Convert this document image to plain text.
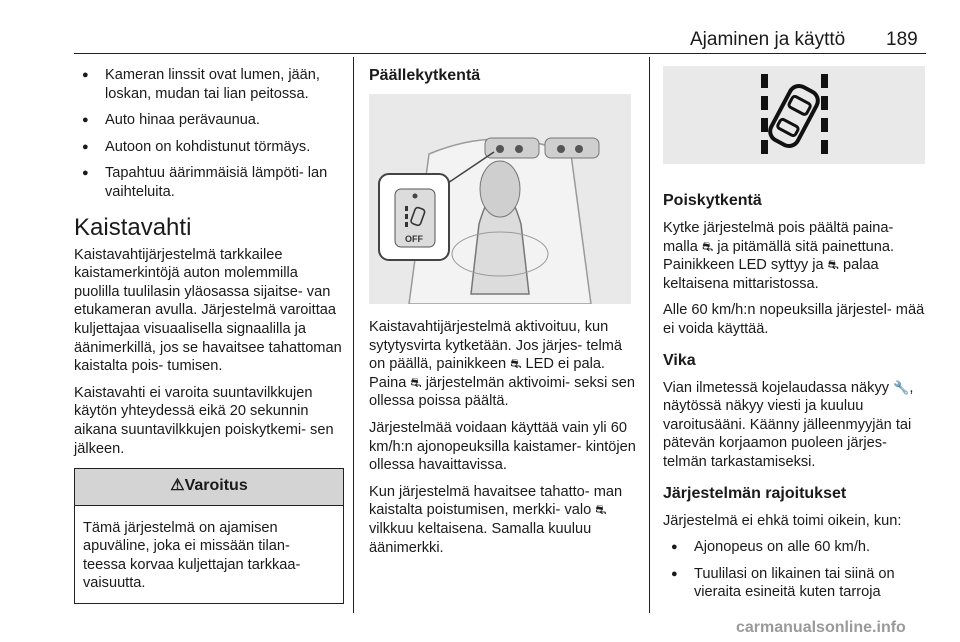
Ajaminen ja käyttö 189
● Kameran linssit ovat lumen, jään, loskan, mudan tai lian peitossa.
● Auto hinaa perävaunua.
● Autoon on kohdistunut törmäys.
● Tapahtuu äärimmäisiä lämpöti‐ lan vaihteluita.
Kaistavahti

Kaistavahtijärjestelmä tarkkailee kaistamerkintöjä auton molemmilla puolilla tuulilasin yläosassa sijaitse‐ van etukameran avulla. Järjestelmä varoittaa kuljettajaa visuaalisella signaalilla ja äänimerkillä, jos se havaitsee tahattoman kaistalta pois‐ tumisen.

Kaistavahti ei varoita suuntavilkkujen käytön yhteydessä eikä 20 sekunnin aikana suuntavilkkujen poiskytkemi‐ sen jälkeen.

⚠Varoitus

Tämä järjestelmä on ajamisen apuväline, joka ei missään tilan‐ teessa korvaa kuljettajan tarkkaa‐ vaisuutta.

Päällekytkentä
OFF

Kaistavahtijärjestelmä aktivoituu, kun sytytysvirta kytketään. Jos järjes‐ telmä on päällä, painikkeen ⛐ LED ei pala. Paina ⛐ järjestelmän aktivoimi‐ seksi sen ollessa poissa päältä.

Järjestelmää voidaan käyttää vain yli 60 km/h:n ajonopeuksilla kaistamer‐ kintöjen ollessa havaittavissa.

Kun järjestelmä havaitsee tahatto‐ man kaistalta poistumisen, merkki‐ valo ⛐ vilkkuu keltaisena. Samalla kuuluu äänimerkki.

Poiskytkentä

Kytke järjestelmä pois päältä paina‐ malla ⛐ ja pitämällä sitä painettuna. Painikkeen LED syttyy ja ⛐ palaa keltaisena mittaristossa.

Alle 60 km/h:n nopeuksilla järjestel‐ mää ei voida käyttää.

Vika

Vian ilmetessä kojelaudassa näkyy 🔧, näytössä näkyy viesti ja kuuluu varoitusääni. Käänny jälleenmyyjän tai pätevän korjaamon puoleen järjes‐ telmän tarkastamiseksi.

Järjestelmän rajoitukset

Järjestelmä ei ehkä toimi oikein, kun:

● Ajonopeus on alle 60 km/h.
● Tuulilasi on likainen tai siinä on vieraita esineitä kuten tarroja
carmanualsonline.info
